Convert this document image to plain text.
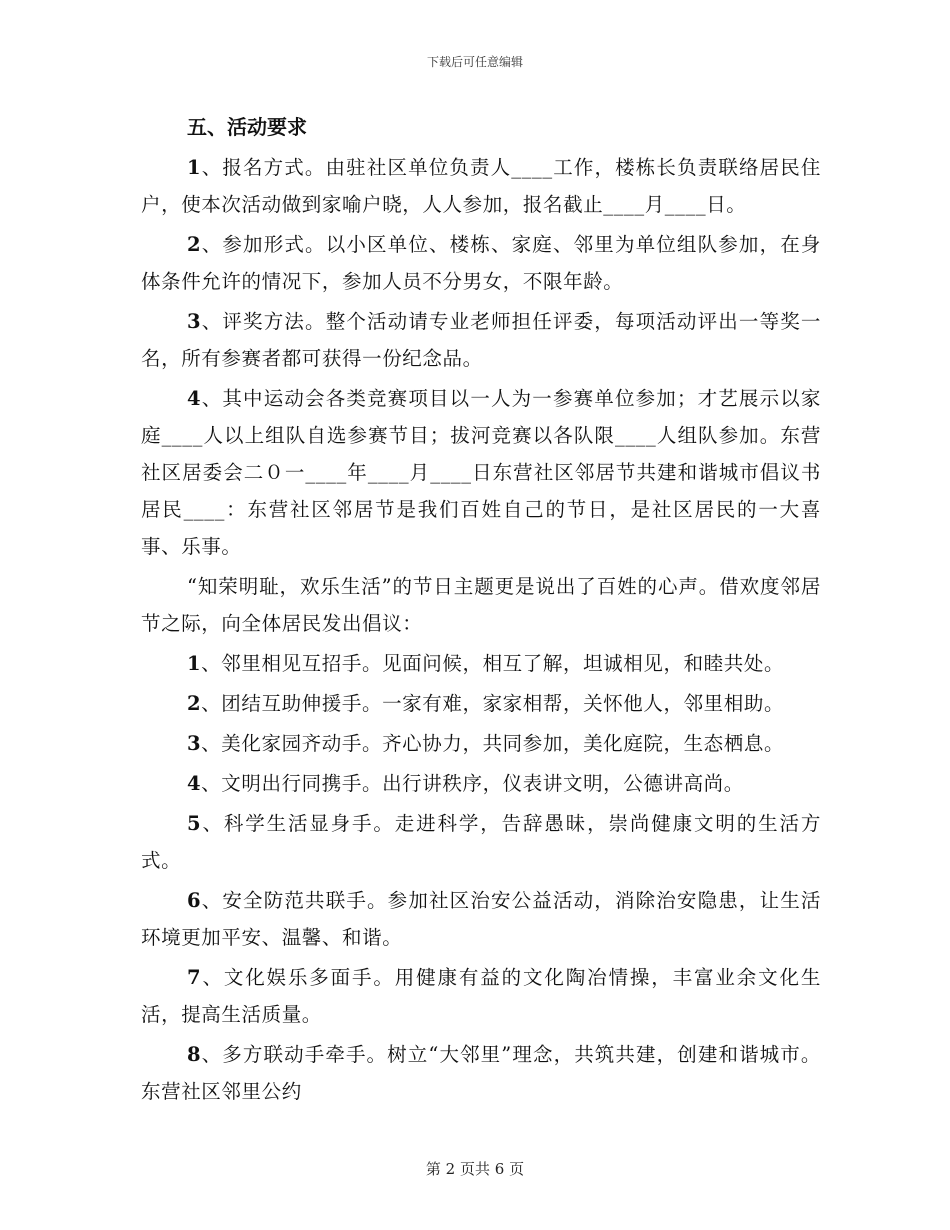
下载后可任意编辑
五、活动要求

1、报名方式。由驻社区单位负责人____工作，楼栋长负责联络居民住户，使本次活动做到家喻户晓，人人参加，报名截止____月____日。

2、参加形式。以小区单位、楼栋、家庭、邻里为单位组队参加，在身体条件允许的情况下，参加人员不分男女，不限年龄。

3、评奖方法。整个活动请专业老师担任评委，每项活动评出一等奖一名，所有参赛者都可获得一份纪念品。

4、其中运动会各类竞赛项目以一人为一参赛单位参加；才艺展示以家庭____人以上组队自选参赛节目；拔河竞赛以各队限____人组队参加。东营社区居委会二０一____年____月____日东营社区邻居节共建和谐城市倡议书居民____：东营社区邻居节是我们百姓自己的节日，是社区居民的一大喜事、乐事。

“知荣明耻，欢乐生活”的节日主题更是说出了百姓的心声。借欢度邻居节之际，向全体居民发出倡议：

1、邻里相见互招手。见面问候，相互了解，坦诚相见，和睦共处。

2、团结互助伸援手。一家有难，家家相帮，关怀他人，邻里相助。

3、美化家园齐动手。齐心协力，共同参加，美化庭院，生态栖息。

4、文明出行同携手。出行讲秩序，仪表讲文明，公德讲高尚。

5、科学生活显身手。走进科学，告辞愚昧，崇尚健康文明的生活方式。

6、安全防范共联手。参加社区治安公益活动，消除治安隐患，让生活环境更加平安、温馨、和谐。

7、文化娱乐多面手。用健康有益的文化陶冶情操，丰富业余文化生活，提高生活质量。

8、多方联动手牵手。树立“大邻里”理念，共筑共建，创建和谐城市。东营社区邻里公约

第 2 页共 6 页
